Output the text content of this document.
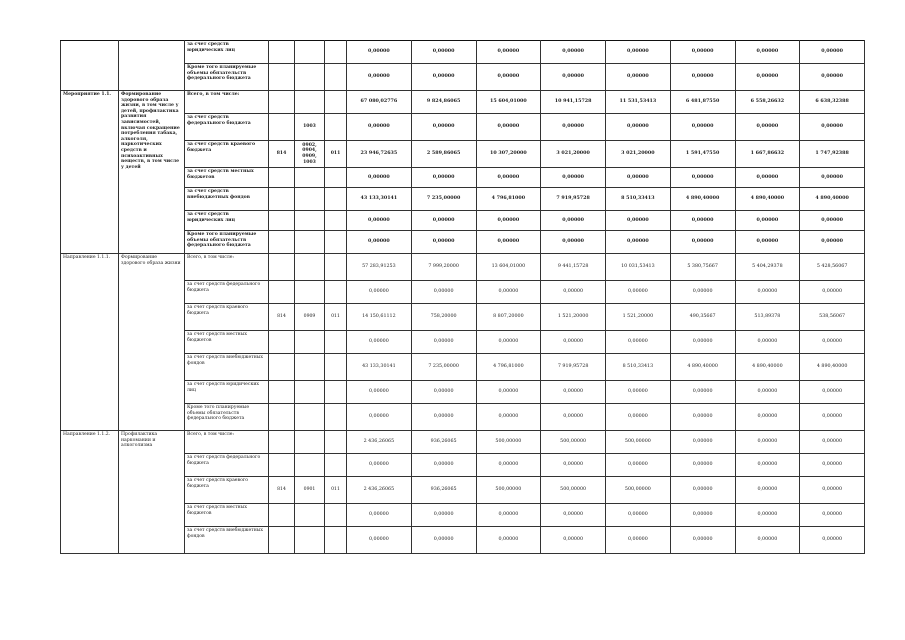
		за счет средств юридических лиц				0,00000	0,00000	0,00000	0,00000	0,00000	0,00000	0,00000	0,00000
		Кроме того планируемые объемы обязательств федерального бюджета				0,00000	0,00000	0,00000	0,00000	0,00000	0,00000	0,00000	0,00000
Мероприятие 1.1.	Формирование здорового образа жизни, в том числе у детей, профилактика развития зависимостей, включая сокращение потребления табака, алкоголя, наркотических средств и психоактивных веществ, в том числе у детей	Всего, в том числе:				67 080,02776	9 824,86065	15 604,01000	10 941,15728	11 531,53413	6 481,87550	6 558,26632	6 638,32388
		за счет средств федерального бюджета		1003		0,00000	0,00000	0,00000	0,00000	0,00000	0,00000	0,00000	0,00000
		за счет средств краевого бюджета	814	0902, 0904, 0909, 1003	011	23 946,72635	2 589,86065	10 307,20000	3 021,20000	3 021,20000	1 591,47550	1 667,86632	1 747,92388
		за счет средств местных бюджетов				0,00000	0,00000	0,00000	0,00000	0,00000	0,00000	0,00000	0,00000
		за счет средств внебюджетных фондов				43 133,30141	7 235,00000	4 796,81000	7 919,95728	8 510,33413	4 890,40000	4 890,40000	4 890,40000
		за счет средств юридических лиц				0,00000	0,00000	0,00000	0,00000	0,00000	0,00000	0,00000	0,00000
		Кроме того планируемые объемы обязательств федерального бюджета				0,00000	0,00000	0,00000	0,00000	0,00000	0,00000	0,00000	0,00000
Направление 1.1.1.	Формирование здорового образа жизни	Всего, в том числе:				57 283,91253	7 999,20000	13 604,01000	9 441,15728	10 031,53413	5 380,75667	5 404,29378	5 428,56067
		за счет средств федерального бюджета				0,00000	0,00000	0,00000	0,00000	0,00000	0,00000	0,00000	0,00000
		за счет средств краевого бюджета	814	0909	011	14 150,61112	758,20000	8 807,20000	1 521,20000	1 521,20000	490,35667	513,89378	538,56067
		за счет средств местных бюджетов				0,00000	0,00000	0,00000	0,00000	0,00000	0,00000	0,00000	0,00000
		за счет средств внебюджетных фондов				43 133,30141	7 235,00000	4 796,81000	7 919,95728	8 510,33413	4 890,40000	4 890,40000	4 890,40000
		за счет средств юридических лиц				0,00000	0,00000	0,00000	0,00000	0,00000	0,00000	0,00000	0,00000
		Кроме того планируемые объемы обязательств федерального бюджета				0,00000	0,00000	0,00000	0,00000	0,00000	0,00000	0,00000	0,00000
Направление 1.1.2.	Профилактика наркомании и алкоголизма	Всего, в том числе:				2 436,26065	936,26065	500,00000	500,00000	500,00000	0,00000	0,00000	0,00000
		за счет средств федерального бюджета				0,00000	0,00000	0,00000	0,00000	0,00000	0,00000	0,00000	0,00000
		за счет средств краевого бюджета	814	0901	011	2 436,26065	936,26065	500,00000	500,00000	500,00000	0,00000	0,00000	0,00000
		за счет средств местных бюджетов				0,00000	0,00000	0,00000	0,00000	0,00000	0,00000	0,00000	0,00000
		за счет средств внебюджетных фондов				0,00000	0,00000	0,00000	0,00000	0,00000	0,00000	0,00000	0,00000
